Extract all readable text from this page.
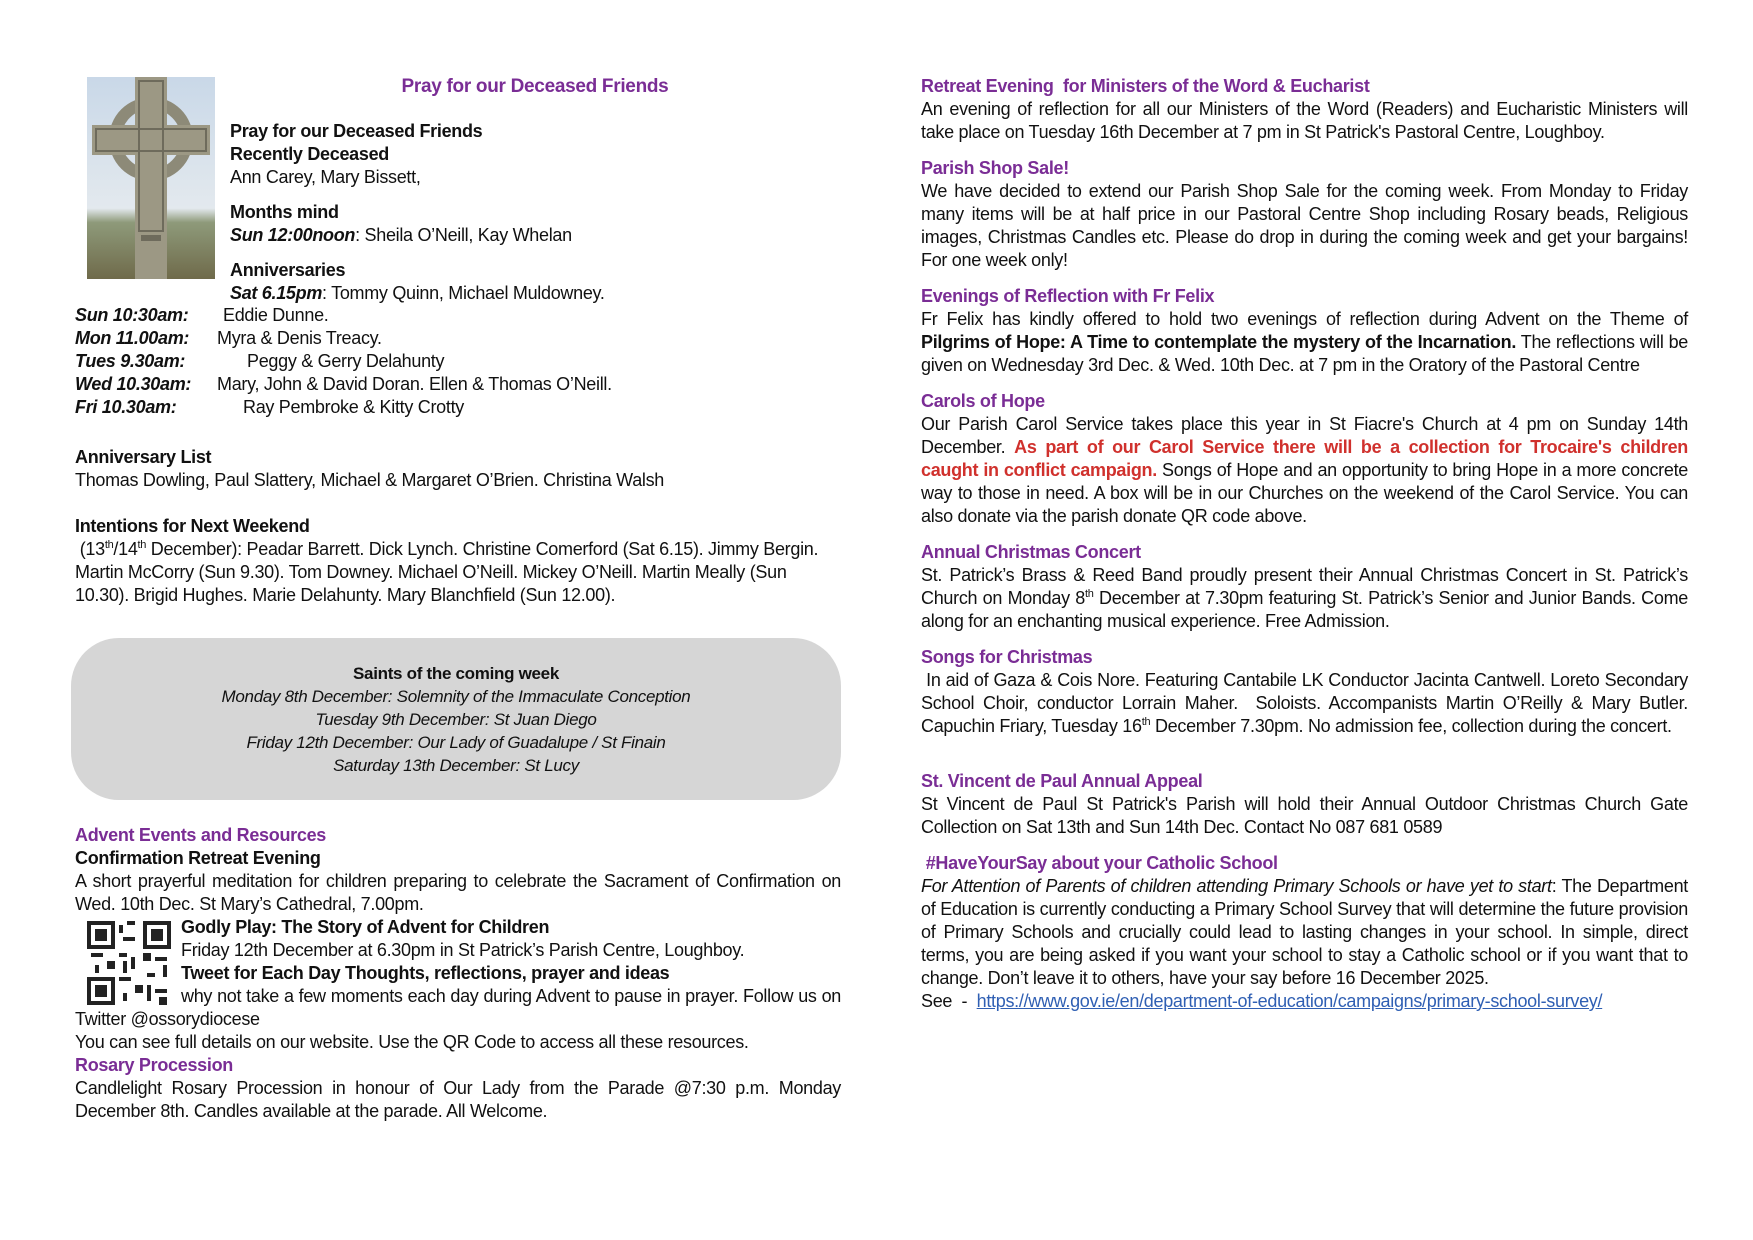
Pray for our Deceased Friends

Pray for our Deceased Friends

Recently Deceased

Ann Carey, Mary Bissett,

Months mind

Sun 12:00noon: Sheila O’Neill, Kay Whelan

Anniversaries

Sat 6.15pm: Tommy Quinn, Michael Muldowney.

Sun 10:30am: Eddie Dunne.

Mon 11.00am: Myra & Denis Treacy.

Tues 9.30am:	Peggy & Gerry Delahunty

Wed 10.30am: Mary, John & David Doran. Ellen & Thomas O’Neill.

Fri 10.30am:	Ray Pembroke & Kitty Crotty

Anniversary List

Thomas Dowling, Paul Slattery, Michael & Margaret O’Brien. Christina Walsh

Intentions for Next Weekend

(13th/14th December): Peadar Barrett. Dick Lynch. Christine Comerford (Sat 6.15). Jimmy Bergin. Martin McCorry (Sun 9.30). Tom Downey. Michael O’Neill. Mickey O’Neill. Martin Meally (Sun 10.30). Brigid Hughes. Marie Delahunty. Mary Blanchfield (Sun 12.00).

Saints of the coming week
Monday 8th December: Solemnity of the Immaculate Conception
Tuesday 9th December: St Juan Diego
Friday 12th December: Our Lady of Guadalupe / St Finain
Saturday 13th December: St Lucy

Advent Events and Resources

Confirmation Retreat Evening

A short prayerful meditation for children preparing to celebrate the Sacrament of Confirmation on Wed. 10th Dec. St Mary’s Cathedral, 7.00pm.

Godly Play: The Story of Advent for Children

Friday 12th December at 6.30pm in St Patrick’s Parish Centre, Loughboy.

Tweet for Each Day Thoughts, reflections, prayer and ideas

why not take a few moments each day during Advent to pause in prayer. Follow us on Twitter @ossorydiocese

You can see full details on our website. Use the QR Code to access all these resources.

Rosary Procession

Candlelight Rosary Procession in honour of Our Lady from the Parade @7:30 p.m. Monday December 8th. Candles available at the parade. All Welcome.

Retreat Evening  for Ministers of the Word & Eucharist

An evening of reflection for all our Ministers of the Word (Readers) and Eucharistic Ministers will take place on Tuesday 16th December at 7 pm in St Patrick's Pastoral Centre, Loughboy.

Parish Shop Sale!

We have decided to extend our Parish Shop Sale for the coming week. From Monday to Friday many items will be at half price in our Pastoral Centre Shop including Rosary beads, Religious images, Christmas Candles etc. Please do drop in during the coming week and get your bargains! For one week only!

Evenings of Reflection with Fr Felix

Fr Felix has kindly offered to hold two evenings of reflection during Advent on the Theme of Pilgrims of Hope: A Time to contemplate the mystery of the Incarnation. The reflections will be given on Wednesday 3rd Dec. & Wed. 10th Dec. at 7 pm in the Oratory of the Pastoral Centre

Carols of Hope

Our Parish Carol Service takes place this year in St Fiacre's Church at 4 pm on Sunday 14th December. As part of our Carol Service there will be a collection for Trocaire's children caught in conflict campaign. Songs of Hope and an opportunity to bring Hope in a more concrete way to those in need. A box will be in our Churches on the weekend of the Carol Service. You can also donate via the parish donate QR code above.

Annual Christmas Concert

St. Patrick’s Brass & Reed Band proudly present their Annual Christmas Concert in St. Patrick’s Church on Monday 8th December at 7.30pm featuring St. Patrick’s Senior and Junior Bands. Come along for an enchanting musical experience. Free Admission.

Songs for Christmas

In aid of Gaza & Cois Nore. Featuring Cantabile LK Conductor Jacinta Cantwell. Loreto Secondary School Choir, conductor Lorrain Maher.  Soloists. Accompanists Martin O’Reilly & Mary Butler.  Capuchin Friary, Tuesday 16th December 7.30pm. No admission fee, collection during the concert.

St. Vincent de Paul Annual Appeal

St Vincent de Paul St Patrick's Parish will hold their Annual Outdoor Christmas Church Gate Collection on Sat 13th and Sun 14th Dec. Contact No 087 681 0589

#HaveYourSay about your Catholic School

For Attention of Parents of children attending Primary Schools or have yet to start: The Department of Education is currently conducting a Primary School Survey that will determine the future provision of Primary Schools and crucially could lead to lasting changes in your school. In simple, direct terms, you are being asked if you want your school to stay a Catholic school or if you want that to change. Don’t leave it to others, have your say before 16 December 2025.

See  -  https://www.gov.ie/en/department-of-education/campaigns/primary-school-survey/
